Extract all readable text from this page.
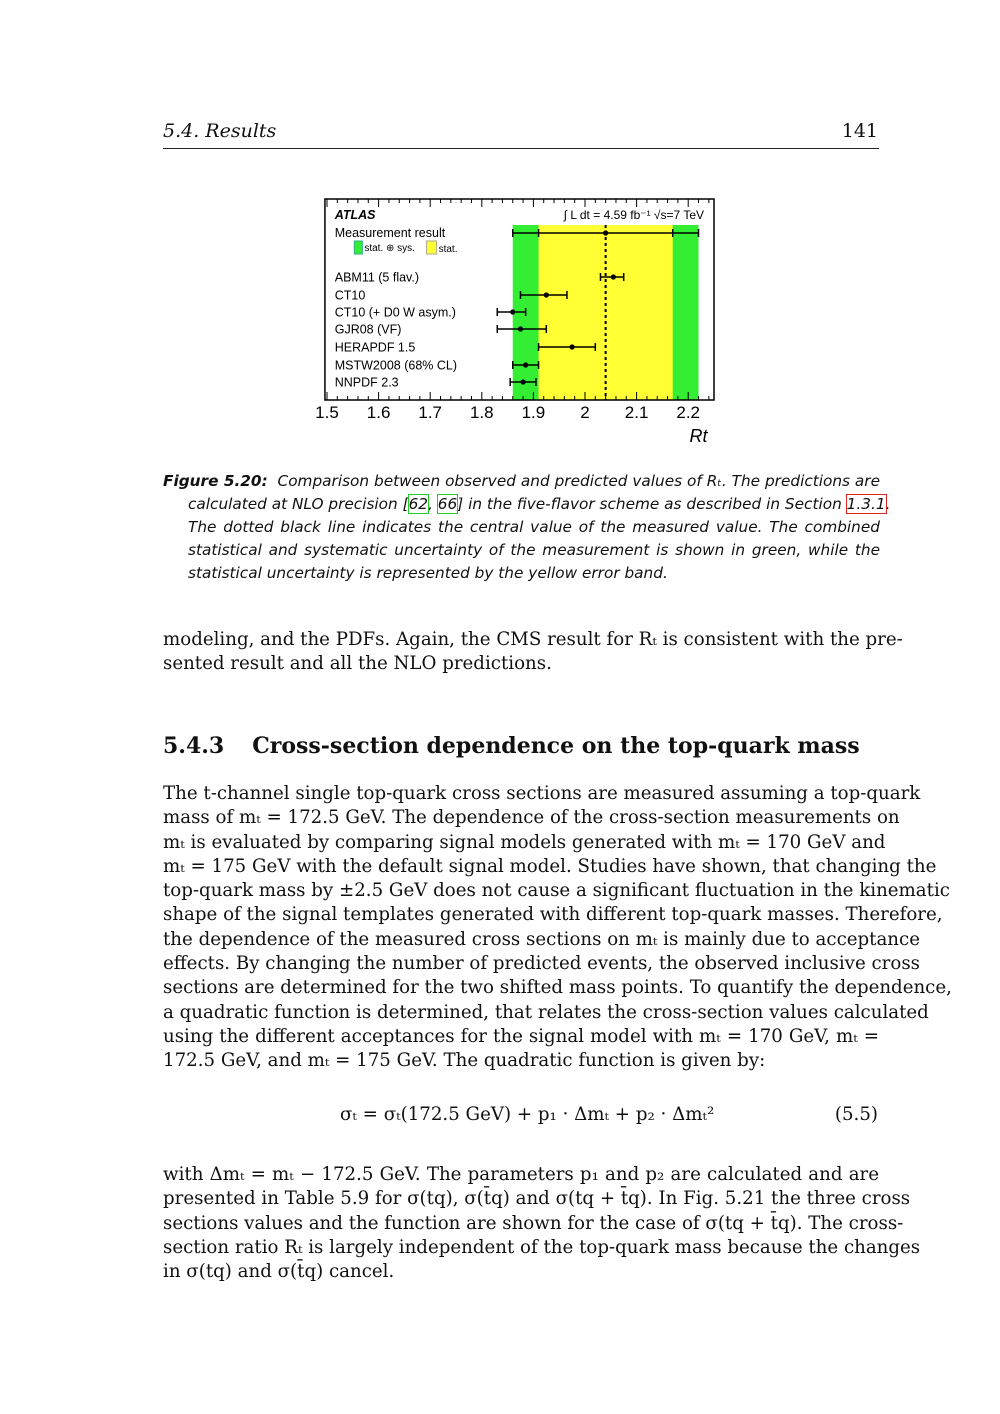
5.4. Results	141
1.5 1.6 1.7 1.8 1.9 2 2.1 2.2
Rt
ATLAS	∫ L dt = 4.59 fb⁻¹ √s=7 TeV
Measurement result
stat. ⊕ sys. stat.
ABM11 (5 flav.)
CT10
CT10 (+ D0 W asym.)
GJR08 (VF)
HERAPDF 1.5
MSTW2008 (68% CL)
NNPDF 2.3
Figure 5.20: Comparison between observed and predicted values of Rₜ. The predictions are
calculated at NLO precision [62, 66] in the five-flavor scheme as described in Section 1.3.1.
The dotted black line indicates the central value of the measured value. The combined
statistical and systematic uncertainty of the measurement is shown in green, while the
statistical uncertainty is represented by the yellow error band.
modeling, and the PDFs. Again, the CMS result for Rₜ is consistent with the pre-
sented result and all the NLO predictions.
5.4.3 Cross-section dependence on the top-quark mass
The t-channel single top-quark cross sections are measured assuming a top-quark
mass of mₜ = 172.5 GeV. The dependence of the cross-section measurements on
mₜ is evaluated by comparing signal models generated with mₜ = 170 GeV and
mₜ = 175 GeV with the default signal model. Studies have shown, that changing the
top-quark mass by ±2.5 GeV does not cause a significant fluctuation in the kinematic
shape of the signal templates generated with different top-quark masses. Therefore,
the dependence of the measured cross sections on mₜ is mainly due to acceptance
effects. By changing the number of predicted events, the observed inclusive cross
sections are determined for the two shifted mass points. To quantify the dependence,
a quadratic function is determined, that relates the cross-section values calculated
using the different acceptances for the signal model with mₜ = 170 GeV, mₜ =
172.5 GeV, and mₜ = 175 GeV. The quadratic function is given by:
σₜ = σₜ(172.5 GeV) + p₁ · Δmₜ + p₂ · Δmₜ²	(5.5)
with Δmₜ = mₜ − 172.5 GeV. The parameters p₁ and p₂ are calculated and are
presented in Table 5.9 for σ(tq), σ(t̄q) and σ(tq + t̄q). In Fig. 5.21 the three cross
sections values and the function are shown for the case of σ(tq + t̄q). The cross-
section ratio Rₜ is largely independent of the top-quark mass because the changes
in σ(tq) and σ(t̄q) cancel.
